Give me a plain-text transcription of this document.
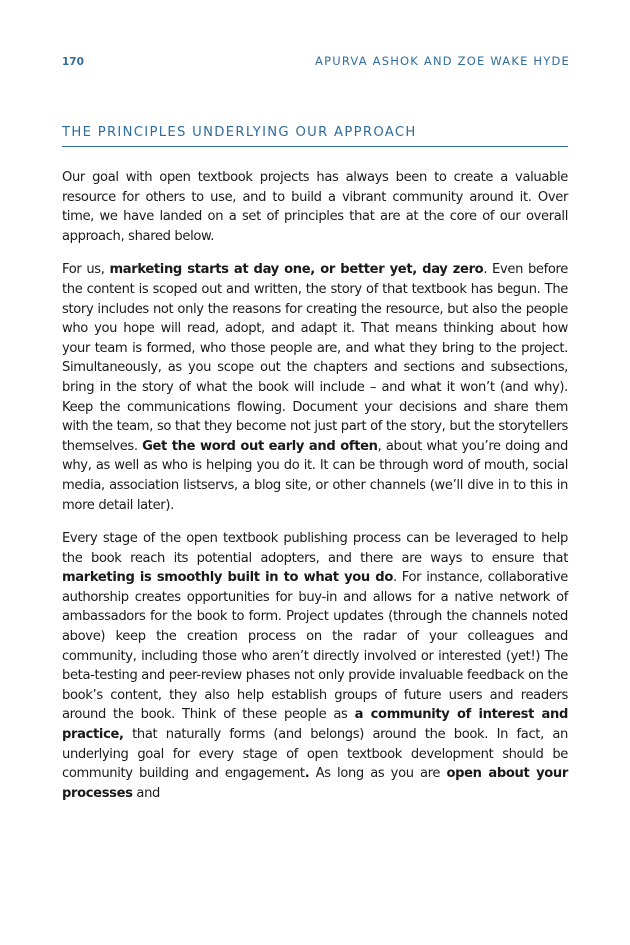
170	APURVA ASHOK AND ZOE WAKE HYDE
THE PRINCIPLES UNDERLYING OUR APPROACH

Our goal with open textbook projects has always been to create a valuable resource for others to use, and to build a vibrant community around it. Over time, we have landed on a set of principles that are at the core of our overall approach, shared below.

For us, marketing starts at day one, or better yet, day zero. Even before the content is scoped out and written, the story of that textbook has begun. The story includes not only the reasons for creating the resource, but also the people who you hope will read, adopt, and adapt it. That means thinking about how your team is formed, who those people are, and what they bring to the project. Simultaneously, as you scope out the chapters and sections and subsections, bring in the story of what the book will include – and what it won’t (and why). Keep the communications flowing. Document your decisions and share them with the team, so that they become not just part of the story, but the storytellers themselves. Get the word out early and often, about what you’re doing and why, as well as who is helping you do it. It can be through word of mouth, social media, association listservs, a blog site, or other channels (we’ll dive in to this in more detail later).

Every stage of the open textbook publishing process can be leveraged to help the book reach its potential adopters, and there are ways to ensure that marketing is smoothly built in to what you do. For instance, collaborative authorship creates opportunities for buy-in and allows for a native network of ambassadors for the book to form. Project updates (through the channels noted above) keep the creation process on the radar of your colleagues and community, including those who aren’t directly involved or interested (yet!) The beta-testing and peer-review phases not only provide invaluable feedback on the book’s content, they also help establish groups of future users and readers around the book. Think of these people as a community of interest and practice, that naturally forms (and belongs) around the book. In fact, an underlying goal for every stage of open textbook development should be community building and engagement. As long as you are open about your processes and
